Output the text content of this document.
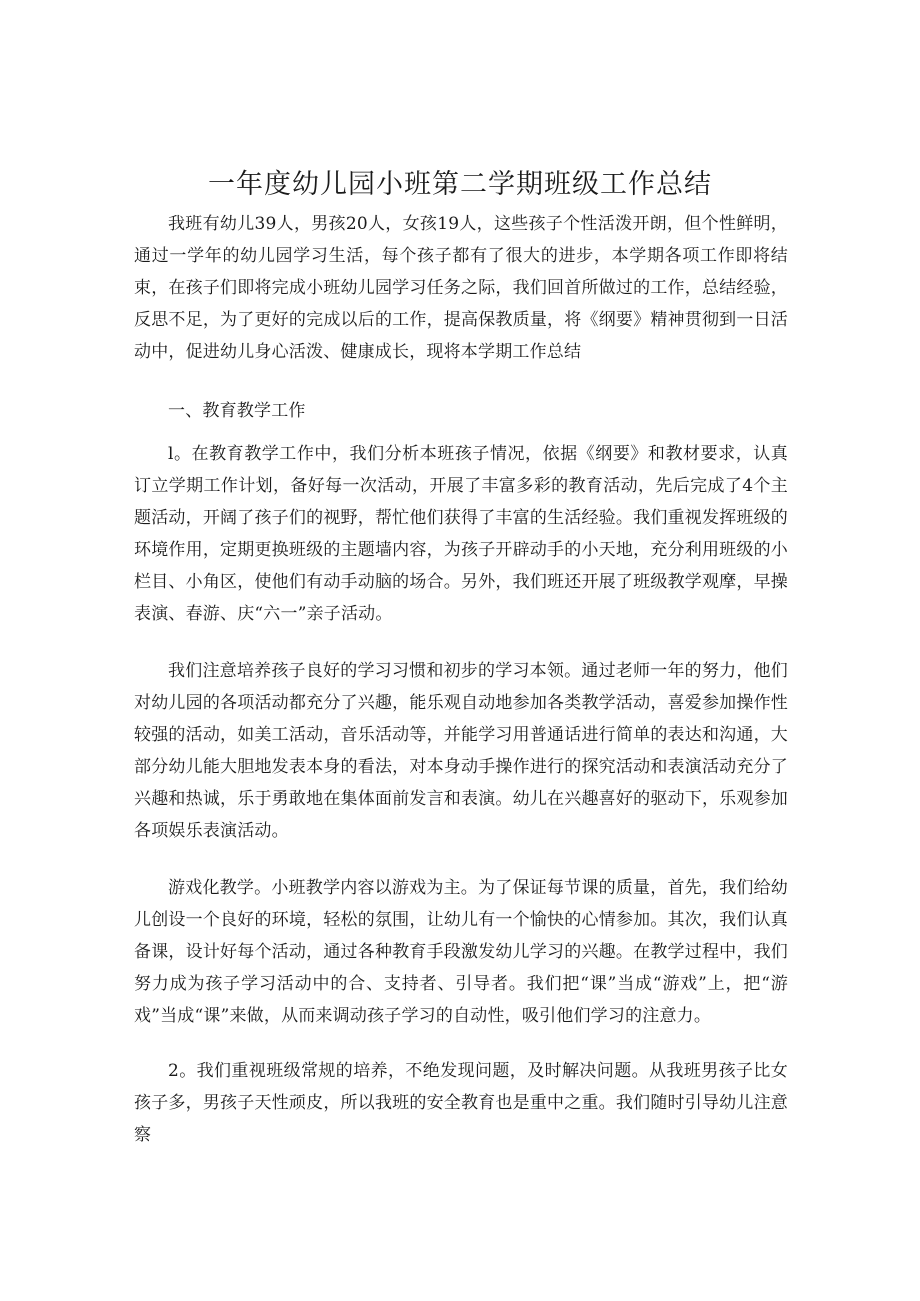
一年度幼儿园小班第二学期班级工作总结

我班有幼儿39人，男孩20人，女孩19人，这些孩子个性活泼开朗，但个性鲜明，通过一学年的幼儿园学习生活，每个孩子都有了很大的进步，本学期各项工作即将结束，在孩子们即将完成小班幼儿园学习任务之际，我们回首所做过的工作，总结经验，反思不足，为了更好的完成以后的工作，提高保教质量，将《纲要》精神贯彻到一日活动中，促进幼儿身心活泼、健康成长，现将本学期工作总结

一、教育教学工作

l。在教育教学工作中，我们分析本班孩子情况，依据《纲要》和教材要求，认真订立学期工作计划，备好每一次活动，开展了丰富多彩的教育活动，先后完成了4个主题活动，开阔了孩子们的视野，帮忙他们获得了丰富的生活经验。我们重视发挥班级的环境作用，定期更换班级的主题墙内容，为孩子开辟动手的小天地，充分利用班级的小栏目、小角区，使他们有动手动脑的场合。另外，我们班还开展了班级教学观摩，早操表演、春游、庆“六一”亲子活动。

我们注意培养孩子良好的学习习惯和初步的学习本领。通过老师一年的努力，他们对幼儿园的各项活动都充分了兴趣，能乐观自动地参加各类教学活动，喜爱参加操作性较强的活动，如美工活动，音乐活动等，并能学习用普通话进行简单的表达和沟通，大部分幼儿能大胆地发表本身的看法，对本身动手操作进行的探究活动和表演活动充分了兴趣和热诚，乐于勇敢地在集体面前发言和表演。幼儿在兴趣喜好的驱动下，乐观参加各项娱乐表演活动。

游戏化教学。小班教学内容以游戏为主。为了保证每节课的质量，首先，我们给幼儿创设一个良好的环境，轻松的氛围，让幼儿有一个愉快的心情参加。其次，我们认真备课，设计好每个活动，通过各种教育手段激发幼儿学习的兴趣。在教学过程中，我们努力成为孩子学习活动中的合、支持者、引导者。我们把“课”当成“游戏”上，把“游戏”当成“课”来做，从而来调动孩子学习的自动性，吸引他们学习的注意力。

2。我们重视班级常规的培养，不绝发现问题，及时解决问题。从我班男孩子比女孩子多，男孩子天性顽皮，所以我班的安全教育也是重中之重。我们随时引导幼儿注意察
